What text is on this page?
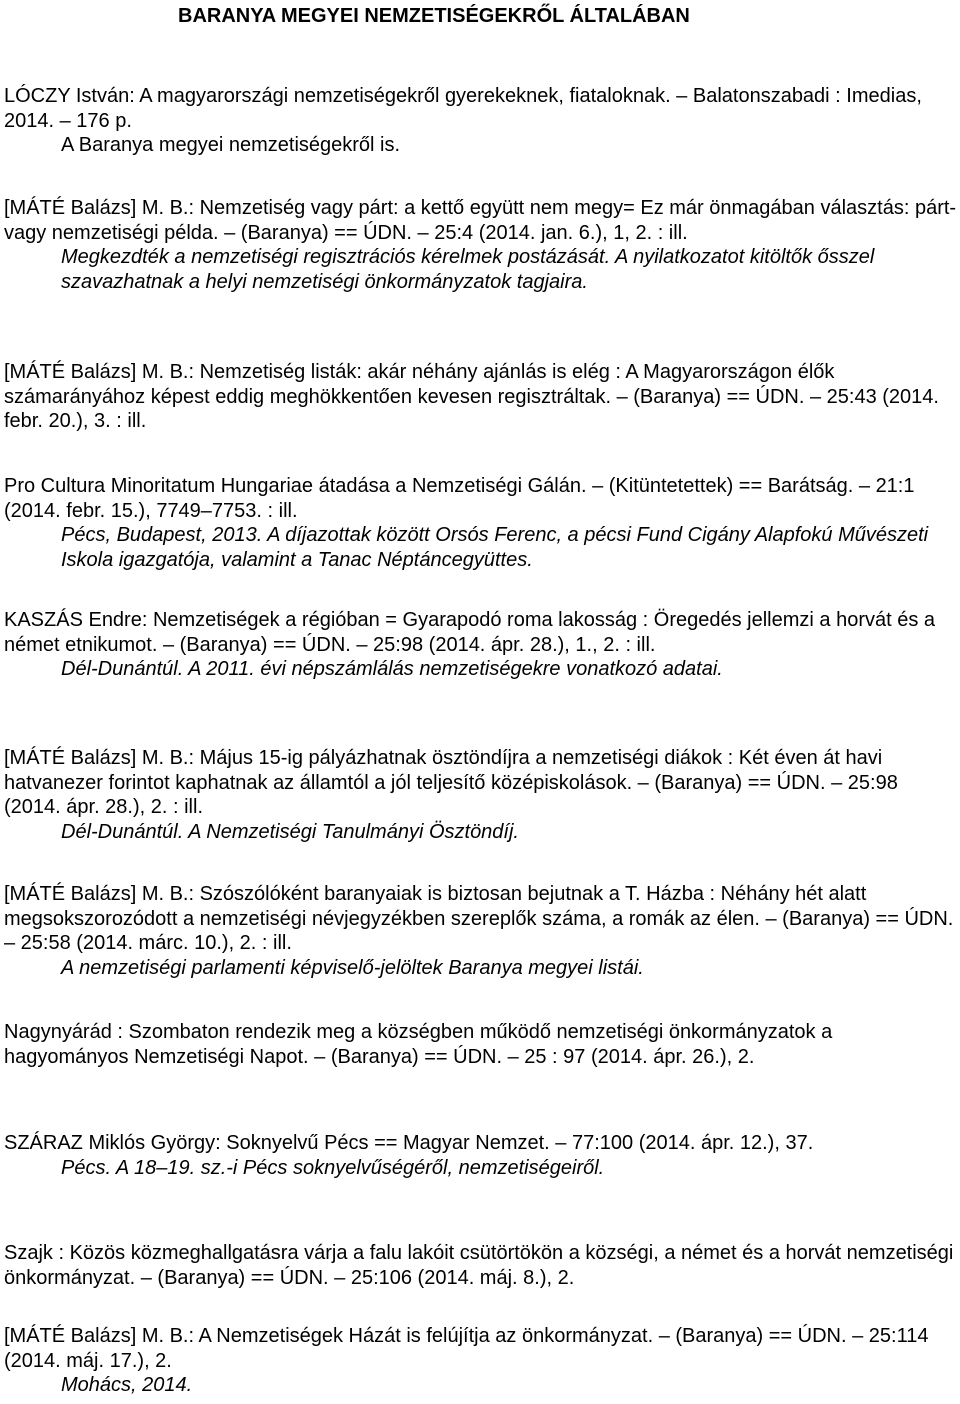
BARANYA MEGYEI NEMZETISÉGEKRŐL ÁLTALÁBAN

LÓCZY István: A magyarországi nemzetiségekről gyerekeknek, fiataloknak. – Balatonszabadi : Imedias, 2014. – 176 p.

A Baranya megyei nemzetiségekről is.

[MÁTÉ Balázs] M. B.: Nemzetiség vagy párt: a kettő együtt nem megy= Ez már önmagában választás: párt- vagy nemzetiségi példa. – (Baranya) == ÚDN. – 25:4 (2014. jan. 6.), 1, 2. : ill.

Megkezdték a nemzetiségi regisztrációs kérelmek postázását. A nyilatkozatot kitöltők ősszel szavazhatnak a helyi nemzetiségi önkormányzatok tagjaira.

[MÁTÉ Balázs] M. B.: Nemzetiség listák: akár néhány ajánlás is elég : A Magyarországon élők számarányához képest eddig meghökkentően kevesen regisztráltak. – (Baranya) == ÚDN. – 25:43 (2014. febr. 20.), 3. : ill.

Pro Cultura Minoritatum Hungariae átadása a Nemzetiségi Gálán. – (Kitüntetettek) == Barátság. – 21:1 (2014. febr. 15.), 7749–7753. : ill.

Pécs, Budapest, 2013. A díjazottak között Orsós Ferenc, a pécsi Fund Cigány Alapfokú Művészeti Iskola igazgatója, valamint a Tanac Néptáncegyüttes.

KASZÁS Endre: Nemzetiségek a régióban = Gyarapodó roma lakosság : Öregedés jellemzi a horvát és a német etnikumot. – (Baranya) == ÚDN. – 25:98 (2014. ápr. 28.), 1., 2. : ill.

Dél-Dunántúl. A 2011. évi népszámlálás nemzetiségekre vonatkozó adatai.

[MÁTÉ Balázs] M. B.: Május 15-ig pályázhatnak ösztöndíjra a nemzetiségi diákok : Két éven át havi hatvanezer forintot kaphatnak az államtól a jól teljesítő középiskolások. – (Baranya) == ÚDN. – 25:98 (2014. ápr. 28.), 2. : ill.

Dél-Dunántúl. A Nemzetiségi Tanulmányi Ösztöndíj.

[MÁTÉ Balázs] M. B.: Szószólóként baranyaiak is biztosan bejutnak a T. Házba : Néhány hét alatt megsokszorozódott a nemzetiségi névjegyzékben szereplők száma, a romák az élen. – (Baranya) == ÚDN. – 25:58 (2014. márc. 10.), 2. : ill.

A nemzetiségi parlamenti képviselő-jelöltek Baranya megyei listái.

Nagynyárád : Szombaton rendezik meg a községben működő nemzetiségi önkormányzatok a hagyományos Nemzetiségi Napot. – (Baranya) == ÚDN. – 25 : 97 (2014. ápr. 26.), 2.

SZÁRAZ Miklós György: Soknyelvű Pécs == Magyar Nemzet. – 77:100 (2014. ápr. 12.), 37.

Pécs. A 18–19. sz.-i Pécs soknyelvűségéről, nemzetiségeiről.

Szajk : Közös közmeghallgatásra várja a falu lakóit csütörtökön a községi, a német és a horvát nemzetiségi önkormányzat. – (Baranya) == ÚDN. – 25:106 (2014. máj. 8.), 2.

[MÁTÉ Balázs] M. B.: A Nemzetiségek Házát is felújítja az önkormányzat. – (Baranya) == ÚDN. – 25:114 (2014. máj. 17.), 2.

Mohács, 2014.
